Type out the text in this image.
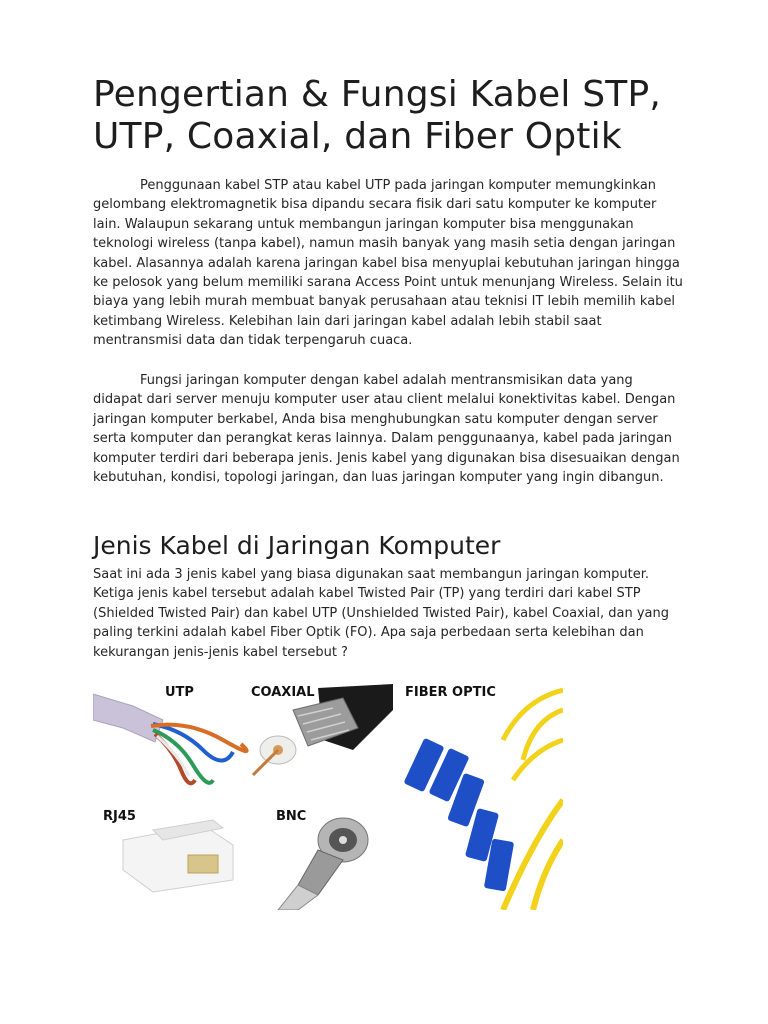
Pengertian & Fungsi Kabel STP, UTP, Coaxial, dan Fiber Optik

Penggunaan kabel STP atau kabel UTP pada jaringan komputer memungkinkan gelombang elektromagnetik bisa dipandu secara fisik dari satu komputer ke komputer lain. Walaupun sekarang untuk membangun jaringan komputer bisa menggunakan teknologi wireless (tanpa kabel), namun masih banyak yang masih setia dengan jaringan kabel. Alasannya adalah karena jaringan kabel bisa menyuplai kebutuhan jaringan hingga ke pelosok yang belum memiliki sarana Access Point untuk menunjang Wireless. Selain itu biaya yang lebih murah membuat banyak perusahaan atau teknisi IT lebih memilih kabel ketimbang Wireless. Kelebihan lain dari jaringan kabel adalah lebih stabil saat mentransmisi data dan tidak terpengaruh cuaca.

Fungsi jaringan komputer dengan kabel adalah mentransmisikan data yang didapat dari server menuju komputer user atau client melalui konektivitas kabel. Dengan jaringan komputer berkabel, Anda bisa menghubungkan satu komputer dengan server serta komputer dan perangkat keras lainnya. Dalam penggunaanya, kabel pada jaringan komputer terdiri dari beberapa jenis. Jenis kabel yang digunakan bisa disesuaikan dengan kebutuhan, kondisi, topologi jaringan, dan luas jaringan komputer yang ingin dibangun.

Jenis Kabel di Jaringan Komputer

Saat ini ada 3 jenis kabel yang biasa digunakan saat membangun jaringan komputer. Ketiga jenis kabel tersebut adalah kabel Twisted Pair (TP) yang terdiri dari kabel STP (Shielded Twisted Pair) dan kabel UTP (Unshielded Twisted Pair), kabel Coaxial, dan yang paling terkini adalah kabel Fiber Optik (FO). Apa saja perbedaan serta kelebihan dan kekurangan jenis-jenis kabel tersebut ?

UTP	COAXIAL	FIBER OPTIC
RJ45	BNC
